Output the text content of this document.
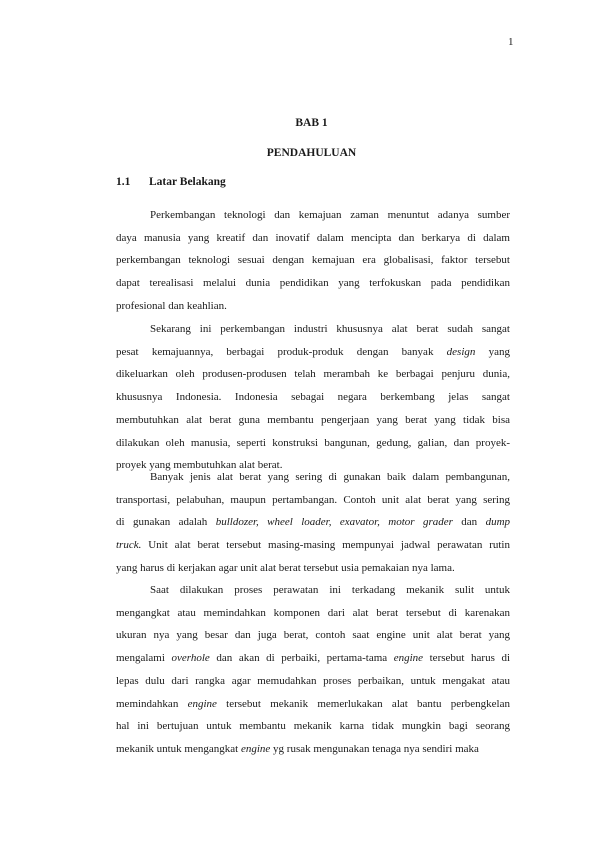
1
BAB 1
PENDAHULUAN
1.1 Latar Belakang
Perkembangan teknologi dan kemajuan zaman menuntut adanya sumber
daya manusia yang kreatif dan inovatif dalam mencipta dan berkarya di dalam
perkembangan teknologi sesuai dengan kemajuan era globalisasi, faktor tersebut
dapat terealisasi melalui dunia pendidikan yang terfokuskan pada pendidikan
profesional dan keahlian.
Sekarang ini perkembangan industri khususnya alat berat sudah sangat
pesat kemajuannya, berbagai produk-produk dengan banyak design yang
dikeluarkan oleh produsen-produsen telah merambah ke berbagai penjuru dunia,
khususnya Indonesia. Indonesia sebagai negara berkembang jelas sangat
membutuhkan alat berat guna membantu pengerjaan yang berat yang tidak bisa
dilakukan oleh manusia, seperti konstruksi bangunan, gedung, galian, dan proyek-
proyek yang membutuhkan alat berat.
Banyak jenis alat berat yang sering di gunakan baik dalam pembangunan,
transportasi, pelabuhan, maupun pertambangan. Contoh unit alat berat yang sering
di gunakan adalah bulldozer, wheel loader, exavator, motor grader dan dump
truck. Unit alat berat tersebut masing-masing mempunyai jadwal perawatan rutin
yang harus di kerjakan agar unit alat berat tersebut usia pemakaian nya lama.
Saat dilakukan proses perawatan ini terkadang mekanik sulit untuk
mengangkat atau memindahkan komponen dari alat berat tersebut di karenakan
ukuran nya yang besar dan juga berat, contoh saat engine unit alat berat yang
mengalami overhole dan akan di perbaiki, pertama-tama engine tersebut harus di
lepas dulu dari rangka agar memudahkan proses perbaikan, untuk mengakat atau
memindahkan engine tersebut mekanik memerlukakan alat bantu perbengkelan
hal ini bertujuan untuk membantu mekanik karna tidak mungkin bagi seorang
mekanik untuk mengangkat engine yg rusak mengunakan tenaga nya sendiri maka
